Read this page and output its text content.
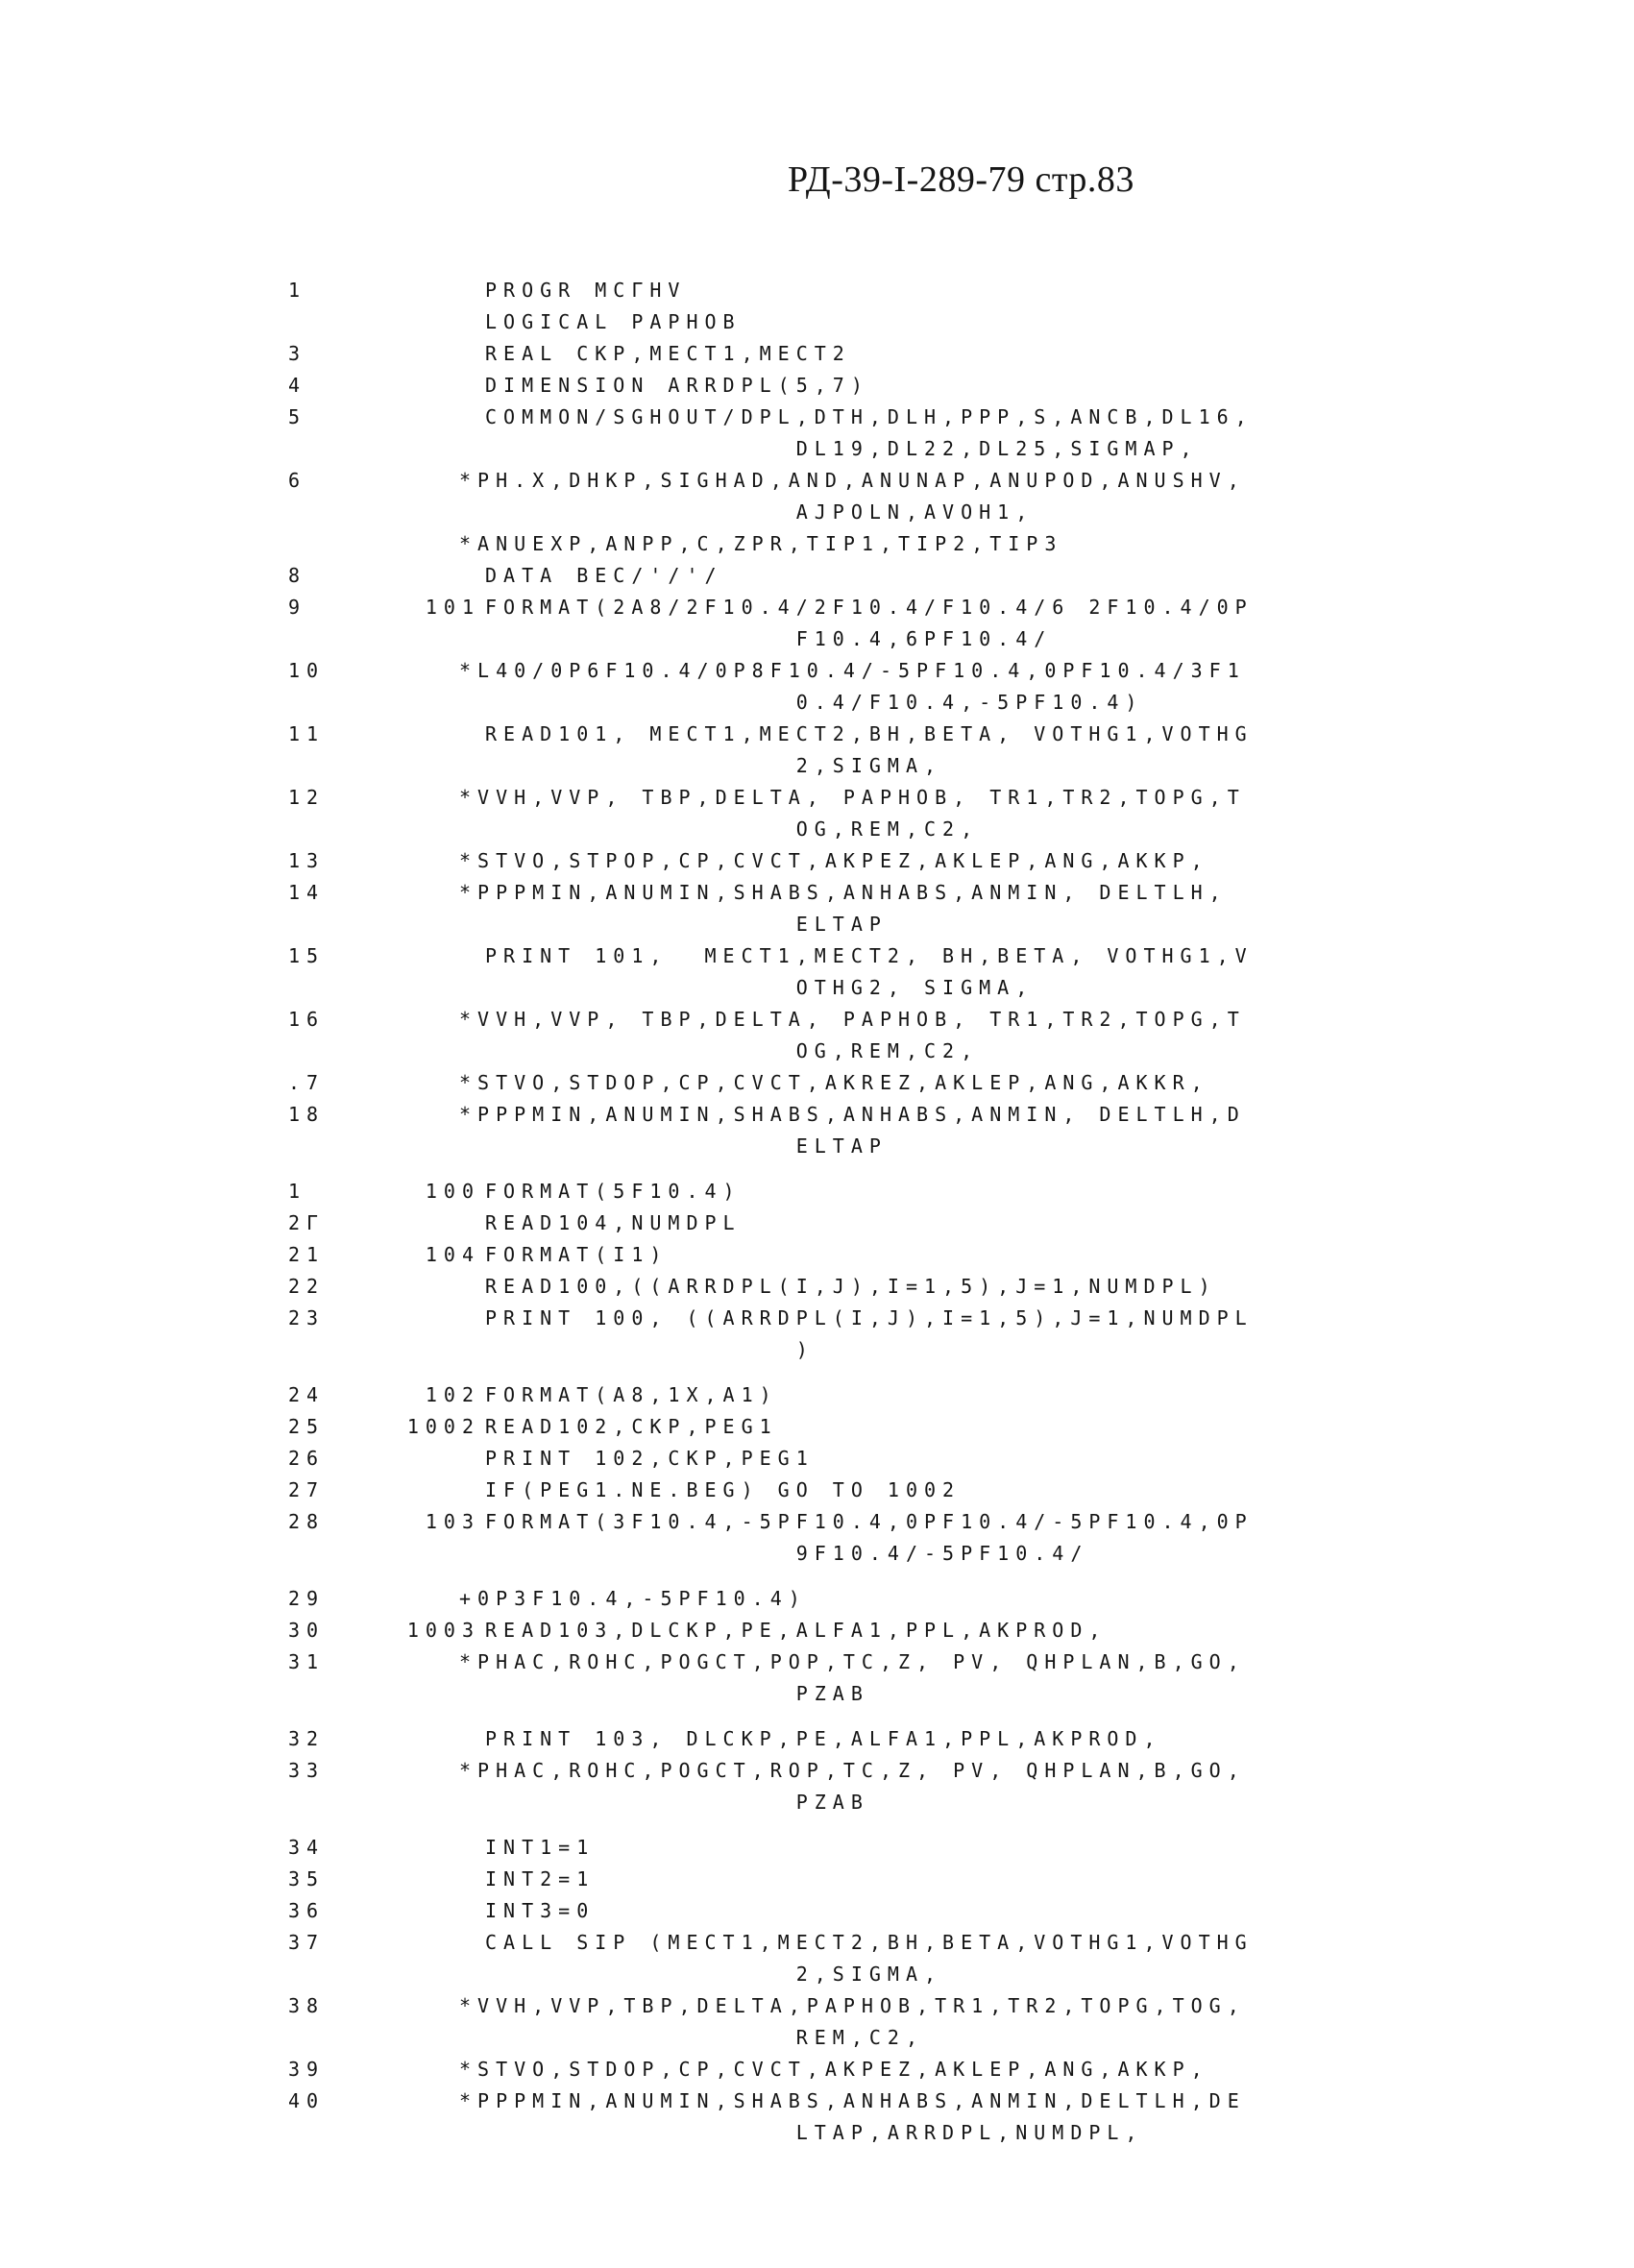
РД-39-I-289-79 стр.83
1	PROGR MCГHV
LOGICAL PAPHOB
3	REAL CKP,MECT1,MECT2
4	DIMENSION ARRDPL(5,7)
5	COMMON/SGHOUT/DPL,DTH,DLH,PPP,S,ANCB,DL16,
DL19,DL22,DL25,SIGMAP,
6	*PH.X,DHKP,SIGHAD,AND,ANUNAP,ANUPOD,ANUSHV,
AJPOLN,AVOH1,
*ANUEXP,ANPP,C,ZPR,TIP1,TIP2,TIP3
8	DATA BEC/'/'/
9	101 FORMAT(2A8/2F10.4/2F10.4/F10.4/6 2F10.4/0P
F10.4,6PF10.4/
10	*L40/0P6F10.4/0P8F10.4/-5PF10.4,0PF10.4/3F1
0.4/F10.4,-5PF10.4)
11	READ101, MECT1,MECT2,BH,BETA, VOTHG1,VOTHG
2,SIGMA,
12	*VVH,VVP, TBP,DELTA, PAPHOB, TR1,TR2,TOPG,T
OG,REM,C2,
13	*STVO,STPOP,CP,CVCT,AKPEZ,AKLEP,ANG,AKKP,
14	*PPPMIN,ANUMIN,SHABS,ANHABS,ANMIN, DELTLH,
ELTAP
15	PRINT 101,  MECT1,MECT2, BH,BETA, VOTHG1,V
OTHG2, SIGMA,
16	*VVH,VVP, TBP,DELTA, PAPHOB, TR1,TR2,TOPG,T
OG,REM,C2,
.7	*STVO,STDOP,CP,CVCT,AKREZ,AKLEP,ANG,AKKR,
18	*PPPMIN,ANUMIN,SHABS,ANHABS,ANMIN, DELTLH,D
ELTAP
1	100 FORMAT(5F10.4)
2Г	READ104,NUMDPL
21	104 FORMAT(I1)
22	READ100,((ARRDPL(I,J),I=1,5),J=1,NUMDPL)
23	PRINT 100, ((ARRDPL(I,J),I=1,5),J=1,NUMDPL
)
24	102 FORMAT(A8,1X,A1)
25	1002 READ102,CKP,PEG1
26	PRINT 102,CKP,PEG1
27	IF(PEG1.NE.BEG) GO TO 1002
28	103 FORMAT(3F10.4,-5PF10.4,0PF10.4/-5PF10.4,0P
9F10.4/-5PF10.4/
29	+0P3F10.4,-5PF10.4)
30	1003 READ103,DLCKP,PE,ALFA1,PPL,AKPROD,
31	*PHAC,ROHC,POGCT,POP,TC,Z, PV, QHPLAN,B,GO,
PZAB
32	PRINT 103, DLCKP,PE,ALFA1,PPL,AKPROD,
33	*PHAC,ROHC,POGCT,ROP,TC,Z, PV, QHPLAN,B,GO,
PZAB
34	INT1=1
35	INT2=1
36	INT3=0
37	CALL SIP (MECT1,MECT2,BH,BETA,VOTHG1,VOTHG
2,SIGMA,
38	*VVH,VVP,TBP,DELTA,PAPHOB,TR1,TR2,TOPG,TOG,
REM,C2,
39	*STVO,STDOP,CP,CVCT,AKPEZ,AKLEP,ANG,AKKP,
40	*PPPMIN,ANUMIN,SHABS,ANHABS,ANMIN,DELTLH,DE
LTAP,ARRDPL,NUMDPL,
